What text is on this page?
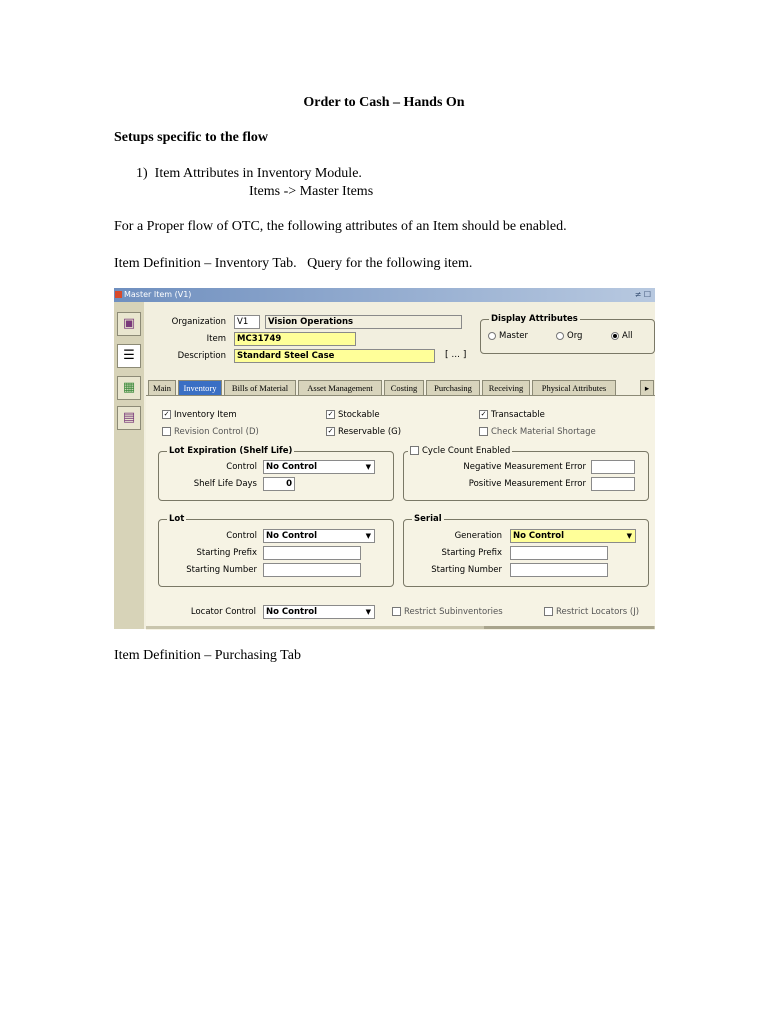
Order to Cash – Hands On
Setups specific to the flow
1)  Item Attributes in Inventory Module.
Items -> Master Items
For a Proper flow of OTC, the following attributes of an Item should be enabled.
Item Definition – Inventory Tab.   Query for the following item.
Item Definition – Purchasing Tab
Master Item (V1)	≠ ☐
▣
☰
▦
▤
Organization	V1	Vision Operations
Item	MC31749
Description	Standard Steel Case	[ ... ]
Display Attributes
Master	Org	All
Main	Inventory	Bills of Material	Asset Management	Costing	Purchasing	Receiving	Physical Attributes	▸
✓ Inventory Item	✓ Stockable	✓ Transactable
Revision Control (D)	✓ Reservable (G)	Check Material Shortage
Lot Expiration (Shelf Life)
Control	No Control	▼
Shelf Life Days	0
Cycle Count Enabled
Negative Measurement Error
Positive Measurement Error
Lot
Control	No Control	▼
Starting Prefix
Starting Number
Serial
Generation	No Control	▼
Starting Prefix
Starting Number
Locator Control	No Control	▼	Restrict Subinventories	Restrict Locators (J)
